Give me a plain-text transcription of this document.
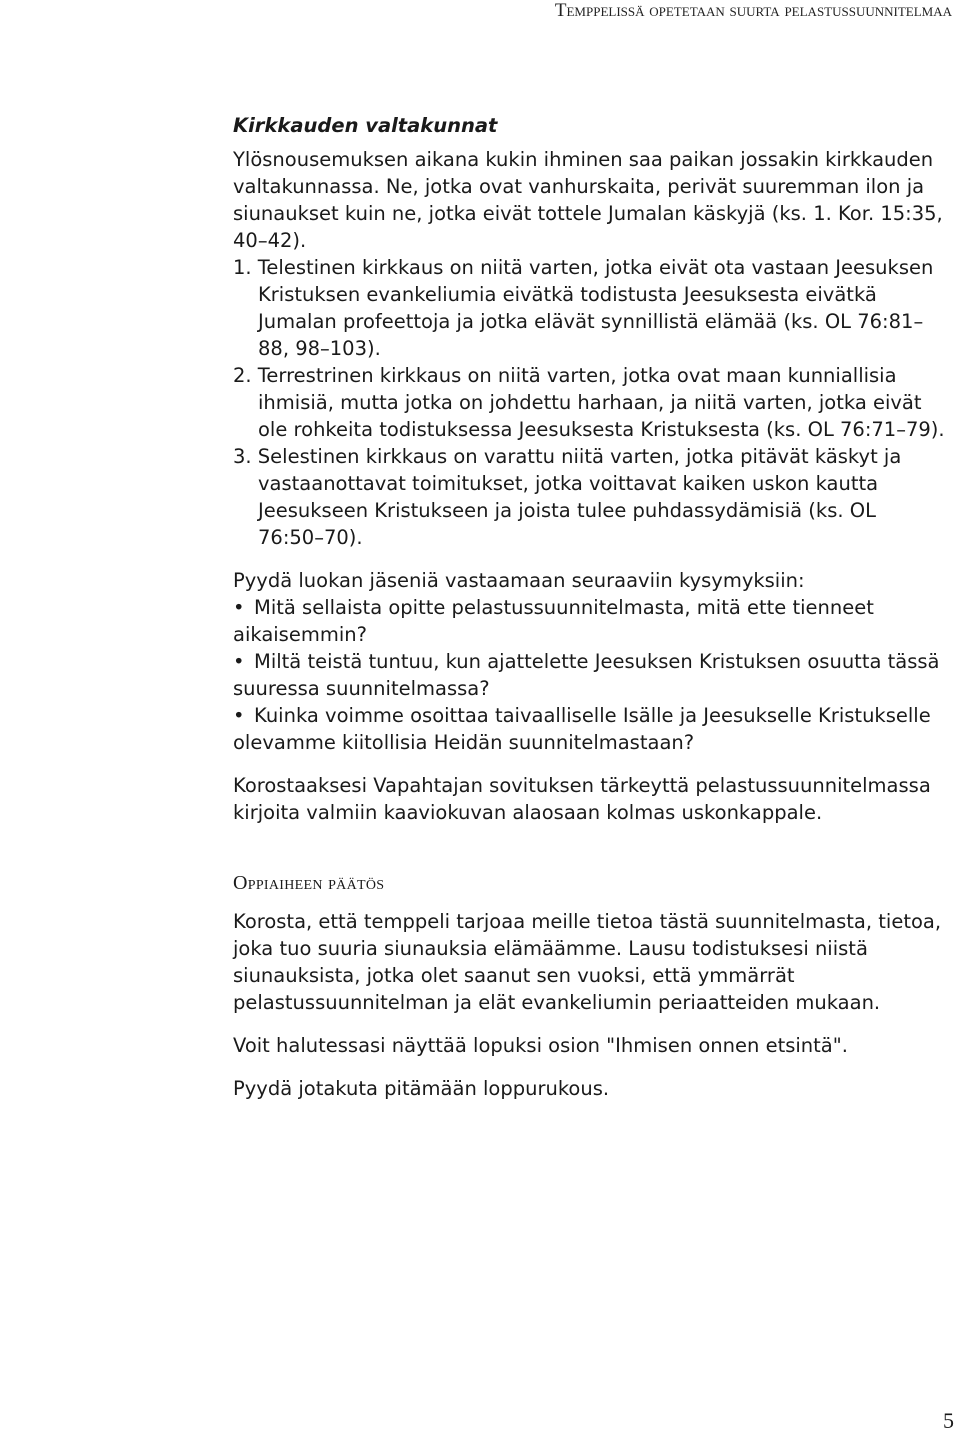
Temppelissä opetetaan suurta pelastussuunnitelmaa

Kirkkauden valtakunnat

Ylösnousemuksen aikana kukin ihminen saa paikan jossakin kirkkauden valtakunnassa. Ne, jotka ovat vanhurskaita, perivät suuremman ilon ja siunaukset kuin ne, jotka eivät tottele Jumalan käskyjä (ks. 1. Kor. 15:35, 40–42).

1. Telestinen kirkkaus on niitä varten, jotka eivät ota vastaan Jeesuksen Kristuksen evankeliumia eivätkä todistusta Jeesuksesta eivätkä Jumalan profeettoja ja jotka elävät synnillistä elämää (ks. OL 76:81–88, 98–103).

2. Terrestrinen kirkkaus on niitä varten, jotka ovat maan kunniallisia ihmisiä, mutta jotka on johdettu harhaan, ja niitä varten, jotka eivät ole rohkeita todistuksessa Jeesuksesta Kristuksesta (ks. OL 76:71–79).

3. Selestinen kirkkaus on varattu niitä varten, jotka pitävät käskyt ja vastaanottavat toimitukset, jotka voittavat kaiken uskon kautta Jeesukseen Kristukseen ja joista tulee puhdassydämisiä (ks. OL 76:50–70).

Pyydä luokan jäseniä vastaamaan seuraaviin kysymyksiin:

• Mitä sellaista opitte pelastussuunnitelmasta, mitä ette tienneet aikaisemmin?

• Miltä teistä tuntuu, kun ajattelette Jeesuksen Kristuksen osuutta tässä suuressa suunnitelmassa?

• Kuinka voimme osoittaa taivaalliselle Isälle ja Jeesukselle Kristukselle olevamme kiitollisia Heidän suunnitelmastaan?

Korostaaksesi Vapahtajan sovituksen tärkeyttä pelastussuunnitelmassa kirjoita valmiin kaaviokuvan alaosaan kolmas uskonkappale.

Oppiaiheen päätös

Korosta, että temppeli tarjoaa meille tietoa tästä suunnitelmasta, tietoa, joka tuo suuria siunauksia elämäämme. Lausu todistuksesi niistä siunauksista, jotka olet saanut sen vuoksi, että ymmärrät pelastussuunnitelman ja elät evankeliumin periaatteiden mukaan.

Voit halutessasi näyttää lopuksi osion "Ihmisen onnen etsintä".

Pyydä jotakuta pitämään loppurukous.

5
